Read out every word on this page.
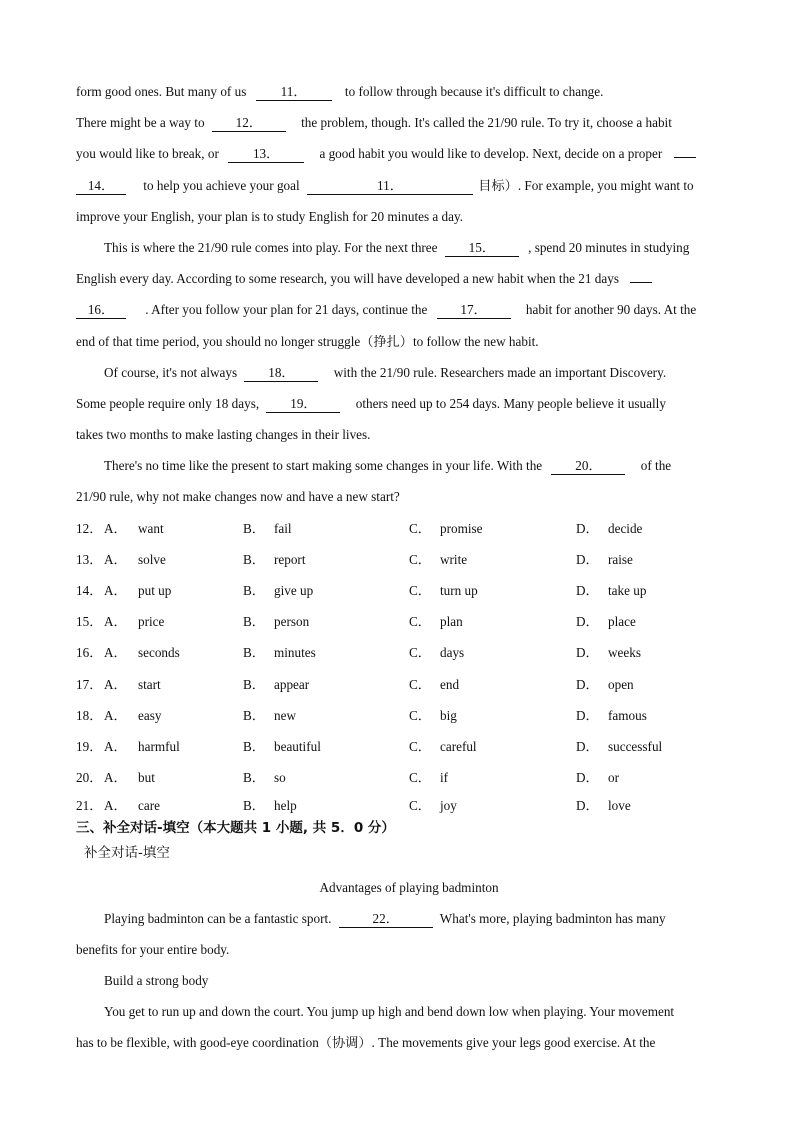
form good ones. But many of us	11．	to follow through because it's difficult to change.
There might be a way to 12．	the problem, though. It's called the 21/90 rule. To try it, choose a habit
you would like to break, or	13．	a good habit you would like to develop. Next, decide on a proper
14． to help you achieve your goal	11．	目标）. For example, you might want to
improve your English, your plan is to study English for 20 minutes a day.
This is where the 21/90 rule comes into play. For the next three 15．	, spend 20 minutes in studying
English every day. According to some research, you will have developed a new habit when the 21 days
16． . After you follow your plan for 21 days, continue the	17．	habit for another 90 days. At the
end of that time period, you should no longer struggle（挣扎）to follow the new habit.
Of course, it's not always 18．	with the 21/90 rule. Researchers made an important Discovery.
Some people require only 18 days, 19．	others need up to 254 days. Many people believe it usually
takes two months to make lasting changes in their lives.
There's no time like the present to start making some changes in your life. With the	20．	of the
21/90 rule, why not make changes now and have a new start?
12． A． want	B． fail	C． promise	D． decide
13． A． solve	B． report	C． write	D． raise
14． A． put up	B． give up	C． turn up	D． take up
15． A． price	B． person	C． plan	D． place
16． A． seconds	B． minutes	C． days	D． weeks
17． A． start	B． appear	C． end	D． open
18． A． easy	B． new	C． big	D． famous
19． A． harmful	B． beautiful	C． careful	D． successful
20． A． but	B． so	C． if	D． or
21． A． care	B． help	C． joy	D． love
三、补全对话-填空（本大题共 1 小题, 共 5．0 分）
补全对话-填空
Advantages of playing badminton
Playing badminton can be a fantastic sport.	22．	What's more, playing badminton has many
benefits for your entire body.
Build a strong body
You get to run up and down the court. You jump up high and bend down low when playing. Your movement
has to be flexible, with good-eye coordination（协调）. The movements give your legs good exercise. At the
